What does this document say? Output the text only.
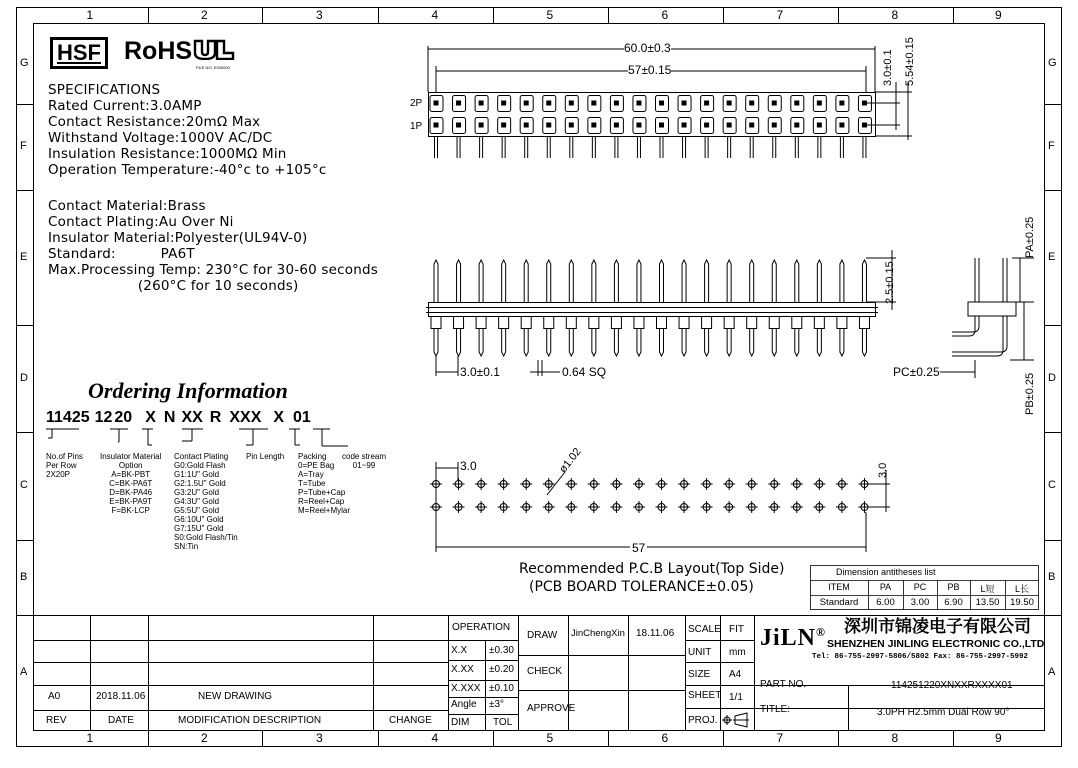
1
1
2
2
3
3
4
4
5
5
6
6
7
7
8
8
9
9
G	G
F	F
E	E
D	D
C	C
B	B
A	A
HSF RoHS
FILE NO: E000000
SPECIFICATIONS
Rated Current:3.0AMP
Contact Resistance:20mΩ Max
Withstand Voltage:1000V AC/DC
Insulation Resistance:1000MΩ Min
Operation Temperature:-40°c to +105°c
Contact Material:Brass
Contact Plating:Au Over Ni
Insulator Material:Polyester(UL94V-0)
Standard:          PA6T
Max.Processing Temp: 230°C for 30-60 seconds
(260°C for 10 seconds)
Ordering Information
11425 12 20 X N XX R XXX X 01
No.of Pins
Per Row
2X20P
Insulator Material
Option
A=BK-PBT
C=BK-PA6T
D=BK-PA46
E=BK-PA9T
F=BK-LCP
Contact Plating
G0:Gold Flash
G1:1U" Gold
G2:1.5U" Gold
G3:2U" Gold
G4:3U" Gold
G5:5U" Gold
G6:10U" Gold
G7:15U" Gold
S0:Gold Flash/Tin
SN:Tin
Pin Length Packing
0=PE Bag
A=Tray
T=Tube
P=Tube+Cap
R=Reel+Cap
M=Reel+Mylar
code stream
01~99
60.0±0.3
57±0.15	3.0±0.1 5.54±0.15
2P
1P
2.5±0.15
3.0±0.1	0.64 SQ
PA±0.25
PC±0.25
PB±0.25
3.0	ø1.02	3.0
57
Recommended P.C.B Layout(Top Side)
(PCB BOARD TOLERANCE±0.05)
Dimension antitheses list
ITEM	PA	PC	PB	L短	L长
Standard	6.00	3.00	6.90	13.50	19.50
A0	2018.11.06	NEW DRAWING
REV	DATE	MODIFICATION DESCRIPTION	CHANGE
OPERATION
X.X ±0.30
X.XX ±0.20
X.XXX ±0.10
Angle ±3°
DIM TOL
DRAW JinChengXin 18.11.06
CHECK
APPROVE
SCALE FIT
UNIT mm
SIZE A4
SHEET 1/1
PROJ.
JiLN® 深圳市锦凌电子有限公司
SHENZHEN JINLING ELECTRONIC CO.,LTD
Tel: 86-755-2997-5806/5802 Fax: 86-755-2997-5992
PART NO.	114251220XNXXRXXXX01
TITLE:	3.0PH H2.5mm Dual Row 90°
